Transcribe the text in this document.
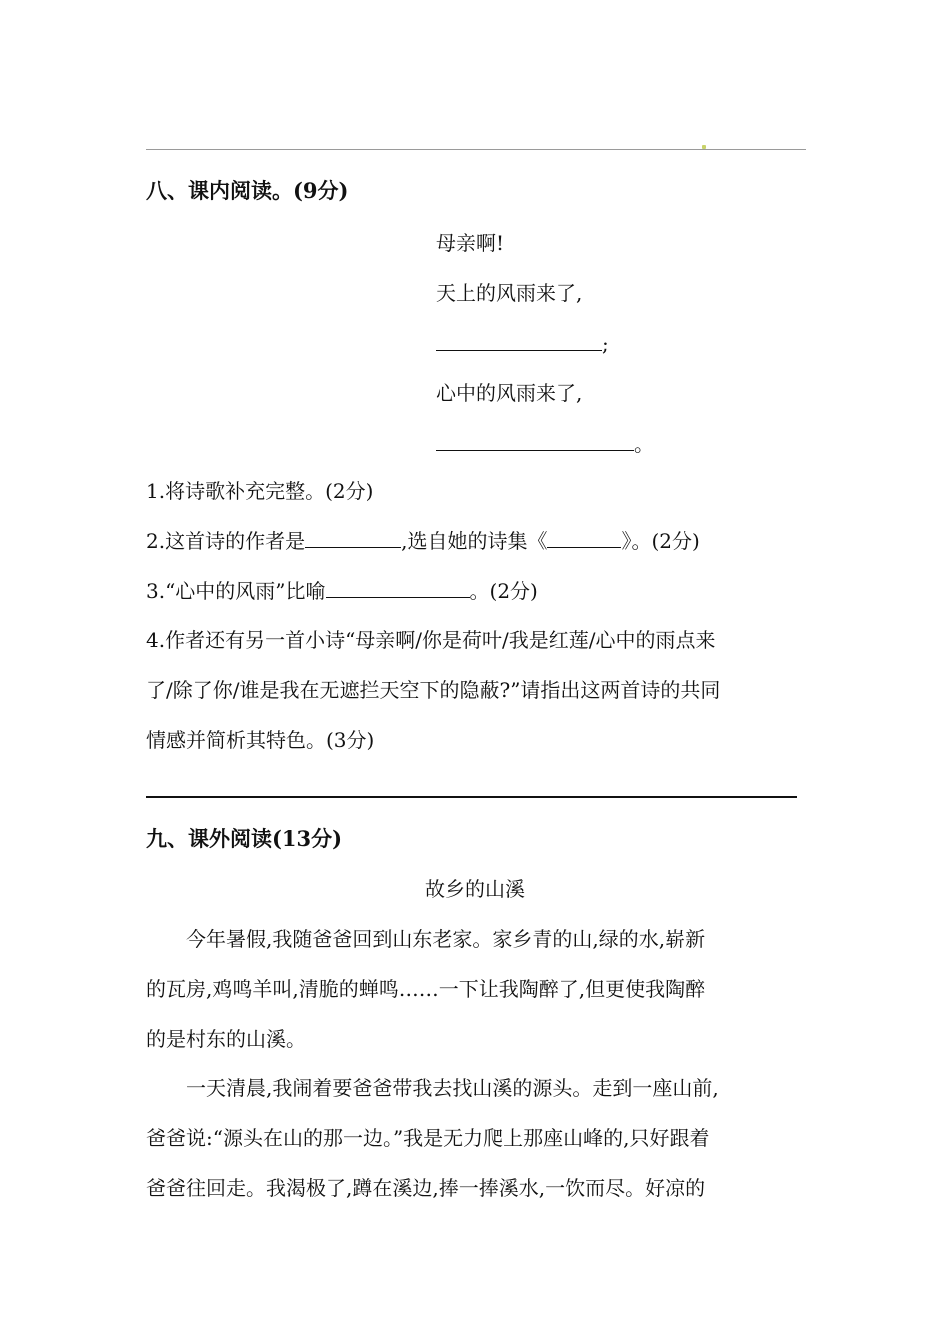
八、课内阅读。(9分)
母亲啊!
天上的风雨来了,
;
心中的风雨来了,
。
1.将诗歌补充完整。(2分)
2.这首诗的作者是	,选自她的诗集《	》。(2分)
3.“心中的风雨”比喻	。(2分)
4.作者还有另一首小诗“母亲啊/你是荷叶/我是红莲/心中的雨点来
了/除了你/谁是我在无遮拦天空下的隐蔽?”请指出这两首诗的共同
情感并简析其特色。(3分)
九、课外阅读(13分)
故乡的山溪
今年暑假,我随爸爸回到山东老家。家乡青的山,绿的水,崭新
的瓦房,鸡鸣羊叫,清脆的蝉鸣……一下让我陶醉了,但更使我陶醉
的是村东的山溪。
一天清晨,我闹着要爸爸带我去找山溪的源头。走到一座山前,
爸爸说:“源头在山的那一边。”我是无力爬上那座山峰的,只好跟着
爸爸往回走。我渴极了,蹲在溪边,捧一捧溪水,一饮而尽。好凉的
